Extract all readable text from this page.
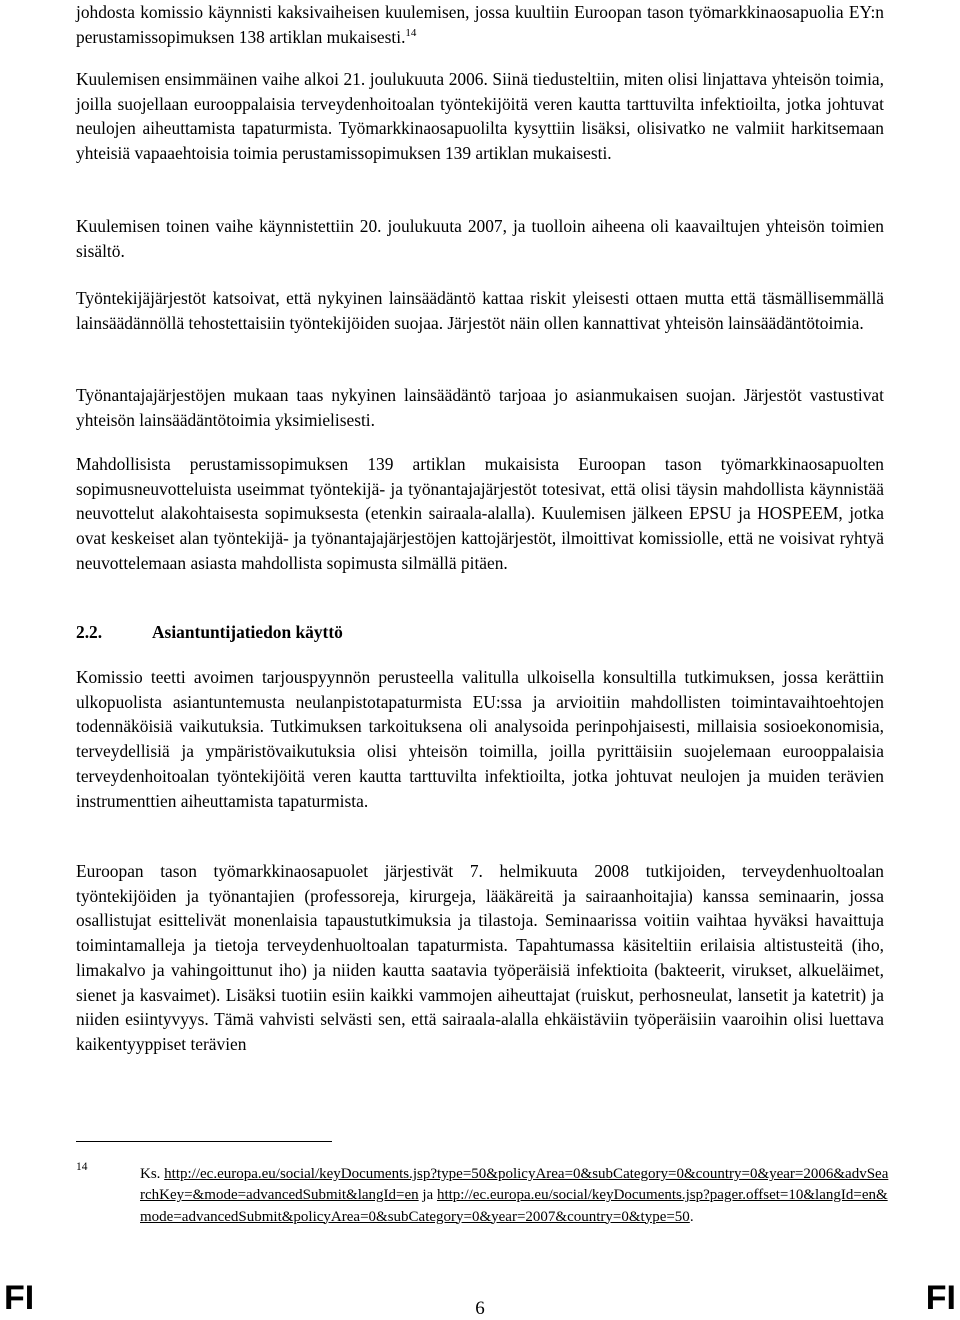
johdosta komissio käynnisti kaksivaiheisen kuulemisen, jossa kuultiin Euroopan tason työmarkkinaosapuolia EY:n perustamissopimuksen 138 artiklan mukaisesti.$^{14}$

Kuulemisen ensimmäinen vaihe alkoi 21. joulukuuta 2006. Siinä tiedusteltiin, miten olisi linjattava yhteisön toimia, joilla suojellaan eurooppalaisia terveydenhoitoalan työntekijöitä veren kautta tarttuvilta infektioilta, jotka johtuvat neulojen aiheuttamista tapaturmista. Työmarkkinaosapuolilta kysyttiin lisäksi, olisivatko ne valmiit harkitsemaan yhteisiä vapaaehtoisia toimia perustamissopimuksen 139 artiklan mukaisesti.

Kuulemisen toinen vaihe käynnistettiin 20. joulukuuta 2007, ja tuolloin aiheena oli kaavailtujen yhteisön toimien sisältö.

Työntekijäjärjestöt katsoivat, että nykyinen lainsäädäntö kattaa riskit yleisesti ottaen mutta että täsmällisemmällä lainsäädännöllä tehostettaisiin työntekijöiden suojaa. Järjestöt näin ollen kannattivat yhteisön lainsäädäntötoimia.

Työnantajajärjestöjen mukaan taas nykyinen lainsäädäntö tarjoaa jo asianmukaisen suojan. Järjestöt vastustivat yhteisön lainsäädäntötoimia yksimielisesti.

Mahdollisista perustamissopimuksen 139 artiklan mukaisista Euroopan tason työmarkkinaosapuolten sopimusneuvotteluista useimmat työntekijä- ja työnantajajärjestöt totesivat, että olisi täysin mahdollista käynnistää neuvottelut alakohtaisesta sopimuksesta (etenkin sairaala-alalla). Kuulemisen jälkeen EPSU ja HOSPEEM, jotka ovat keskeiset alan työntekijä- ja työnantajajärjestöjen kattojärjestöt, ilmoittivat komissiolle, että ne voisivat ryhtyä neuvottelemaan asiasta mahdollista sopimusta silmällä pitäen.

2.2.	Asiantuntijatiedon käyttö

Komissio teetti avoimen tarjouspyynnön perusteella valitulla ulkoisella konsultilla tutkimuksen, jossa kerättiin ulkopuolista asiantuntemusta neulanpistotapaturmista EU:ssa ja arvioitiin mahdollisten toimintavaihtoehtojen todennäköisiä vaikutuksia. Tutkimuksen tarkoituksena oli analysoida perinpohjaisesti, millaisia sosioekonomisia, terveydellisiä ja ympäristövaikutuksia olisi yhteisön toimilla, joilla pyrittäisiin suojelemaan eurooppalaisia terveydenhoitoalan työntekijöitä veren kautta tarttuvilta infektioilta, jotka johtuvat neulojen ja muiden terävien instrumenttien aiheuttamista tapaturmista.

Euroopan tason työmarkkinaosapuolet järjestivät 7. helmikuuta 2008 tutkijoiden, terveydenhuoltoalan työntekijöiden ja työnantajien (professoreja, kirurgeja, lääkäreitä ja sairaanhoitajia) kanssa seminaarin, jossa osallistujat esittelivät monenlaisia tapaustutkimuksia ja tilastoja. Seminaarissa voitiin vaihtaa hyväksi havaittuja toimintamalleja ja tietoja terveydenhuoltoalan tapaturmista. Tapahtumassa käsiteltiin erilaisia altistusteitä (iho, limakalvo ja vahingoittunut iho) ja niiden kautta saatavia työperäisiä infektioita (bakteerit, virukset, alkueläimet, sienet ja kasvaimet). Lisäksi tuotiin esiin kaikki vammojen aiheuttajat (ruiskut, perhosneulat, lansetit ja katetrit) ja niiden esiintyvyys. Tämä vahvisti selvästi sen, että sairaala-alalla ehkäistäviin työperäisiin vaaroihin olisi luettava kaikentyyppiset terävien

14	Ks. http://ec.europa.eu/social/keyDocuments.jsp?type=50&policyArea=0&subCategory=0&country=0&year=2006&advSearchKey=&mode=advancedSubmit&langId=en ja http://ec.europa.eu/social/keyDocuments.jsp?pager.offset=10&langId=en&mode=advancedSubmit&policyArea=0&subCategory=0&year=2007&country=0&type=50.
FI	6	FI
